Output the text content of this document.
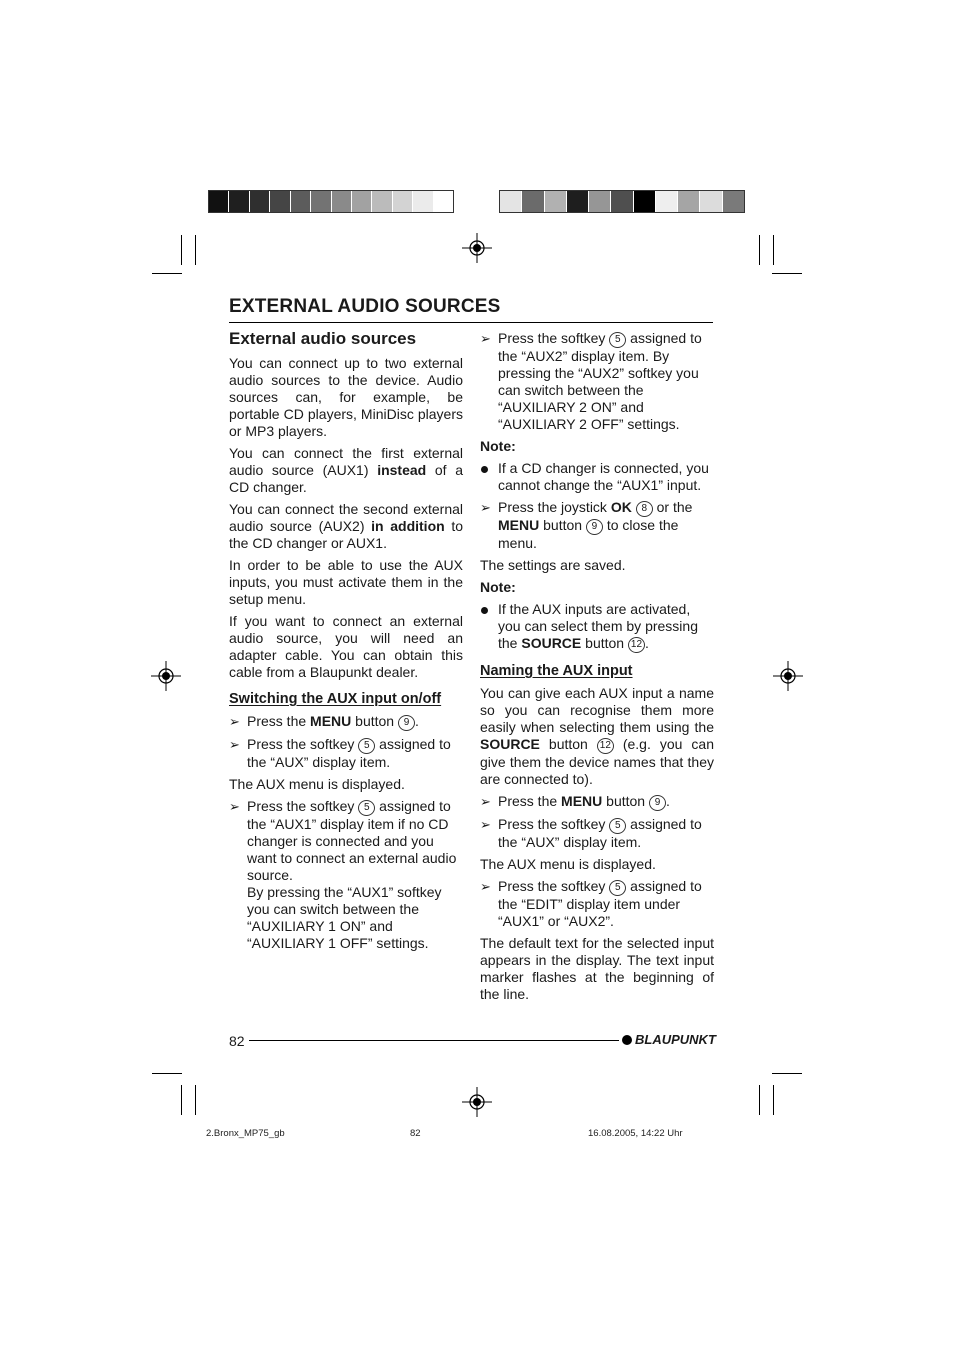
EXTERNAL AUDIO SOURCES
External audio sources

You can connect up to two external audio sources to the device. Audio sources can, for example, be portable CD players, MiniDisc players or MP3 players.

You can connect the first external audio source (AUX1) instead of a CD changer.

You can connect the second external audio source (AUX2) in addition to the CD changer or AUX1.

In order to be able to use the AUX inputs, you must activate them in the setup menu.

If you want to connect an external audio source, you will need an adapter cable. You can obtain this cable from a Blaupunkt dealer.

Switching the AUX input on/off
➢ Press the MENU button 9 .
➢ Press the softkey 5 assigned to the “AUX” display item.

The AUX menu is displayed.

➢ Press the softkey 5 assigned to the “AUX1” display item if no CD changer is connected and you want to connect an external audio source.
By pressing the “AUX1” softkey you can switch between the “AUXILIARY 1 ON” and “AUXILIARY 1 OFF” settings.
➢ Press the softkey 5 assigned to the “AUX2” display item. By pressing the “AUX2” softkey you can switch between the “AUXILIARY 2 ON” and “AUXILIARY 2 OFF” settings.

Note:

If a CD changer is connected, you cannot change the “AUX1” input.
➢ Press the joystick OK 8 or the MENU button 9 to close the menu.

The settings are saved.

Note:

If the AUX inputs are activated, you can select them by pressing the SOURCE button 12 .
Naming the AUX input

You can give each AUX input a name so you can recognise them more easily when selecting them using the SOURCE button 12 (e.g. you can give them the device names that they are connected to).

➢ Press the MENU button 9 .
➢ Press the softkey 5 assigned to the “AUX” display item.

The AUX menu is displayed.

➢ Press the softkey 5 assigned to the “EDIT” display item under “AUX1” or “AUX2”.

The default text for the selected input appears in the display. The text input marker flashes at the beginning of the line.

82	BLAUPUNKT
2.Bronx_MP75_gb	82	16.08.2005, 14:22 Uhr
